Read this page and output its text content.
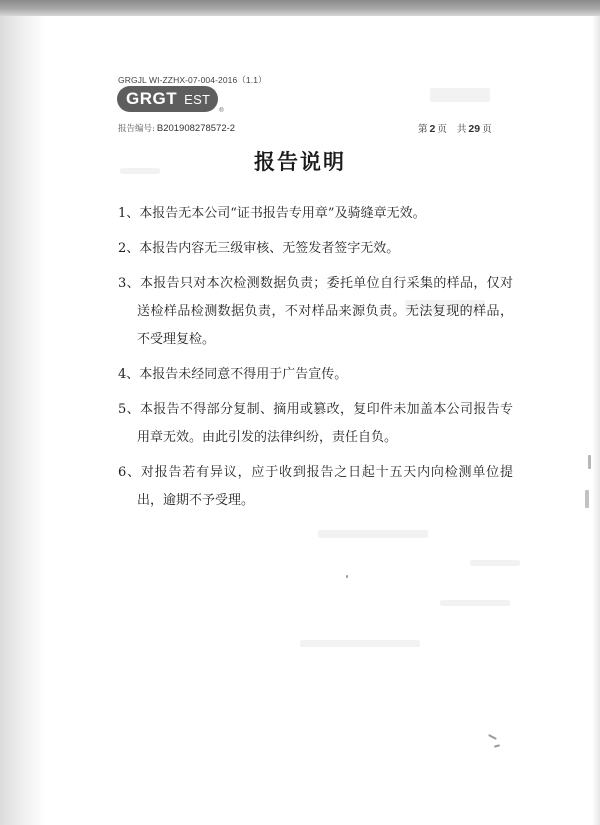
GRGJL WI-ZZHX-07-004-2016（1.1）
GRGT EST
®
报告编号: B201908278572-2	第 2 页 共 29 页
报告说明
1、本报告无本公司“证书报告专用章”及骑缝章无效。
2、本报告内容无三级审核、无签发者签字无效。
3、本报告只对本次检测数据负责；委托单位自行采集的样品，仅对送检样品检测数据负责，不对样品来源负责。无法复现的样品，不受理复检。
4、本报告未经同意不得用于广告宣传。
5、本报告不得部分复制、摘用或篡改，复印件未加盖本公司报告专用章无效。由此引发的法律纠纷，责任自负。
6、对报告若有异议，应于收到报告之日起十五天内向检测单位提出，逾期不予受理。
